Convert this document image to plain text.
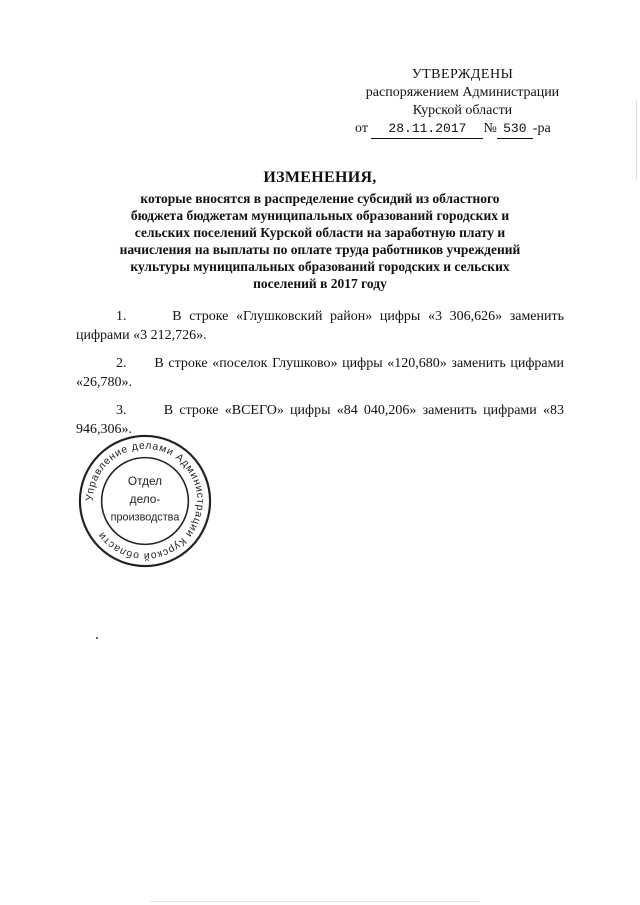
УТВЕРЖДЕНЫ
распоряжением Администрации
Курской области
от 28.11.2017 № 530 -ра
ИЗМЕНЕНИЯ,
которые вносятся в распределение субсидий из областного
бюджета бюджетам муниципальных образований городских и
сельских поселений Курской области на заработную плату и
начисления на выплаты по оплате труда работников учреждений
культуры муниципальных образований городских и сельских
поселений в 2017 году

1.	В строке «Глушковский район» цифры «3 306,626» заменить цифрами «3 212,726».

2. В строке «поселок Глушково» цифры «120,680» заменить цифрами «26,780».

3.	В строке «ВСЕГО» цифры «84 040,206» заменить цифрами «83 946,306».

Управление делами Администрации Курской области
Отдел
дело-
производства
